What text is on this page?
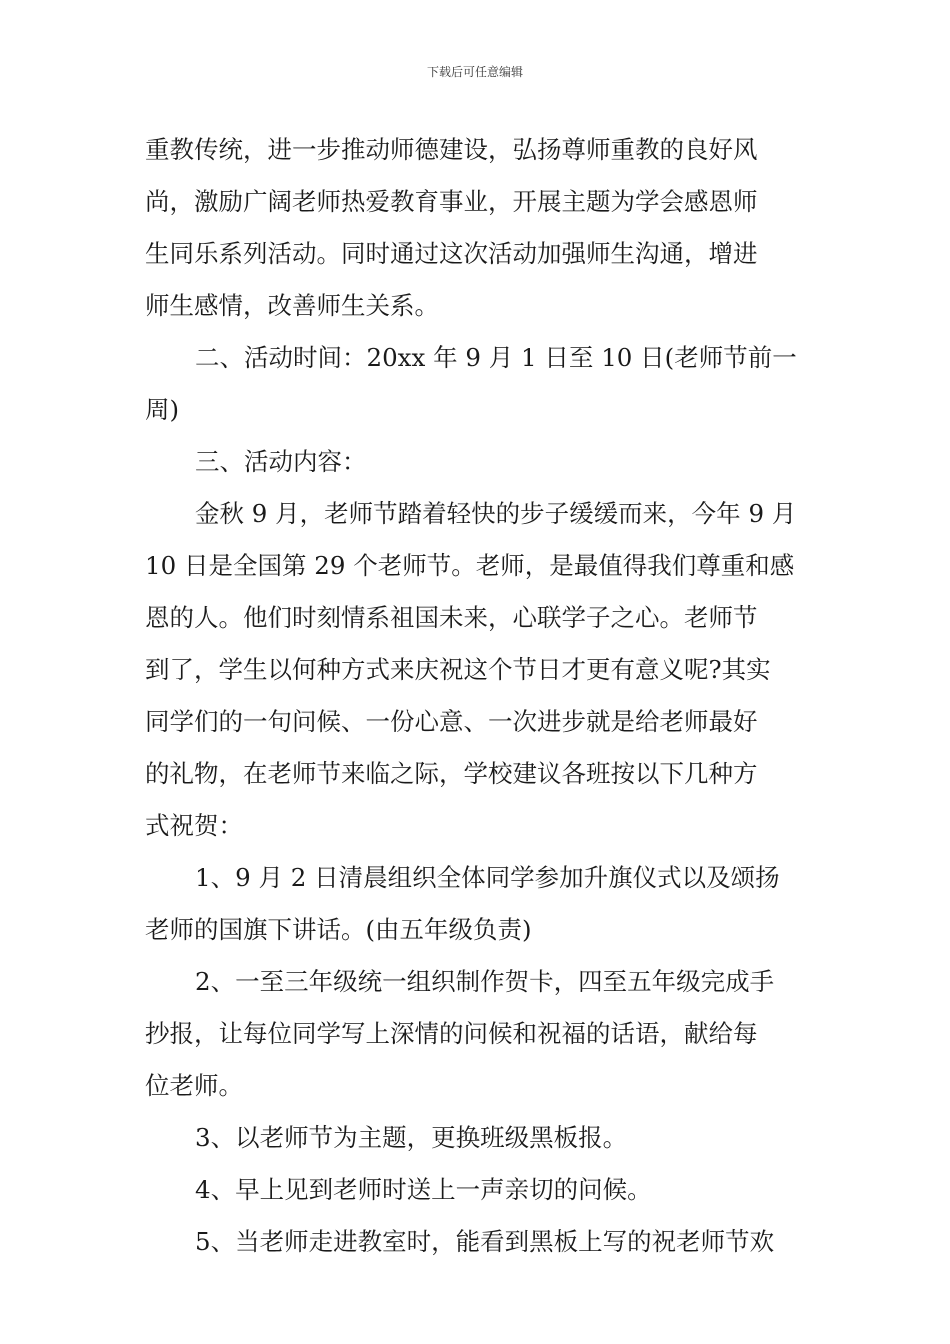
下载后可任意编辑
重教传统，进一步推动师德建设，弘扬尊师重教的良好风
尚，激励广阔老师热爱教育事业，开展主题为学会感恩师
生同乐系列活动。同时通过这次活动加强师生沟通，增进
师生感情，改善师生关系。
二、活动时间：20xx 年 9 月 1 日至 10 日(老师节前一
周)
三、活动内容：
金秋 9 月，老师节踏着轻快的步子缓缓而来，今年 9 月
10 日是全国第 29 个老师节。老师，是最值得我们尊重和感
恩的人。他们时刻情系祖国未来，心联学子之心。老师节
到了，学生以何种方式来庆祝这个节日才更有意义呢?其实
同学们的一句问候、一份心意、一次进步就是给老师最好
的礼物，在老师节来临之际，学校建议各班按以下几种方
式祝贺：
1、9 月 2 日清晨组织全体同学参加升旗仪式以及颂扬
老师的国旗下讲话。(由五年级负责)
2、一至三年级统一组织制作贺卡，四至五年级完成手
抄报，让每位同学写上深情的问候和祝福的话语，献给每
位老师。
3、以老师节为主题，更换班级黑板报。
4、早上见到老师时送上一声亲切的问候。
5、当老师走进教室时，能看到黑板上写的祝老师节欢
